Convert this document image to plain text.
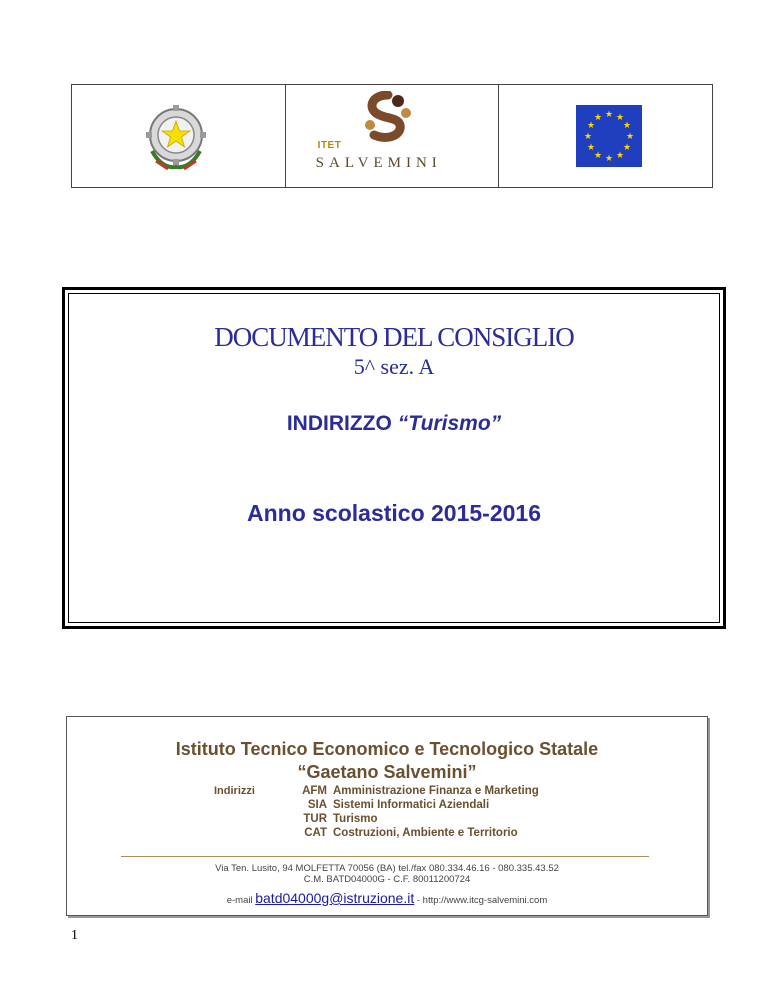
ITET
SALVEMINI
★ ★
★
★
★
★
★
★
★
★
★
★
DOCUMENTO DEL CONSIGLIO
5^ sez. A
INDIRIZZO “Turismo”
Anno scolastico 2015-2016
Istituto Tecnico Economico e Tecnologico Statale
“Gaetano Salvemini”
Indirizzi	AFM Amministrazione Finanza e Marketing
SIA Sistemi Informatici Aziendali
TUR Turismo
CAT Costruzioni, Ambiente e Territorio
Via Ten. Lusito, 94 MOLFETTA 70056 (BA) tel./fax 080.334.46.16 - 080.335.43.52
C.M. BATD04000G - C.F. 80011200724
e-mail batd04000g@istruzione.it - http://www.itcg-salvemini.com
1
